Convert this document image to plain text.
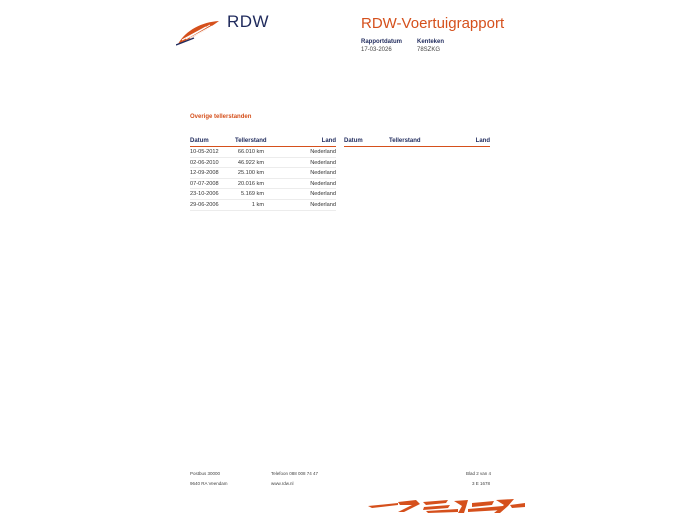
RDW	RDW-Voertuigrapport
Rapportdatum	Kenteken
17-03-2026	78SZKG
Overige tellerstanden
Datum	Tellerstand	Land
10-05-2012	66.010 km	Nederland
02-06-2010	46.922 km	Nederland
12-09-2008	25.100 km	Nederland
07-07-2008	20.016 km	Nederland
23-10-2006	5.169 km	Nederland
29-06-2006	1 km	Nederland
Datum	Tellerstand	Land
Postbus 30000
9640 RA Veendam
Telefoon 088 008 74 47
www.rdw.nl
Blad 2 van 4
3 E 1678
